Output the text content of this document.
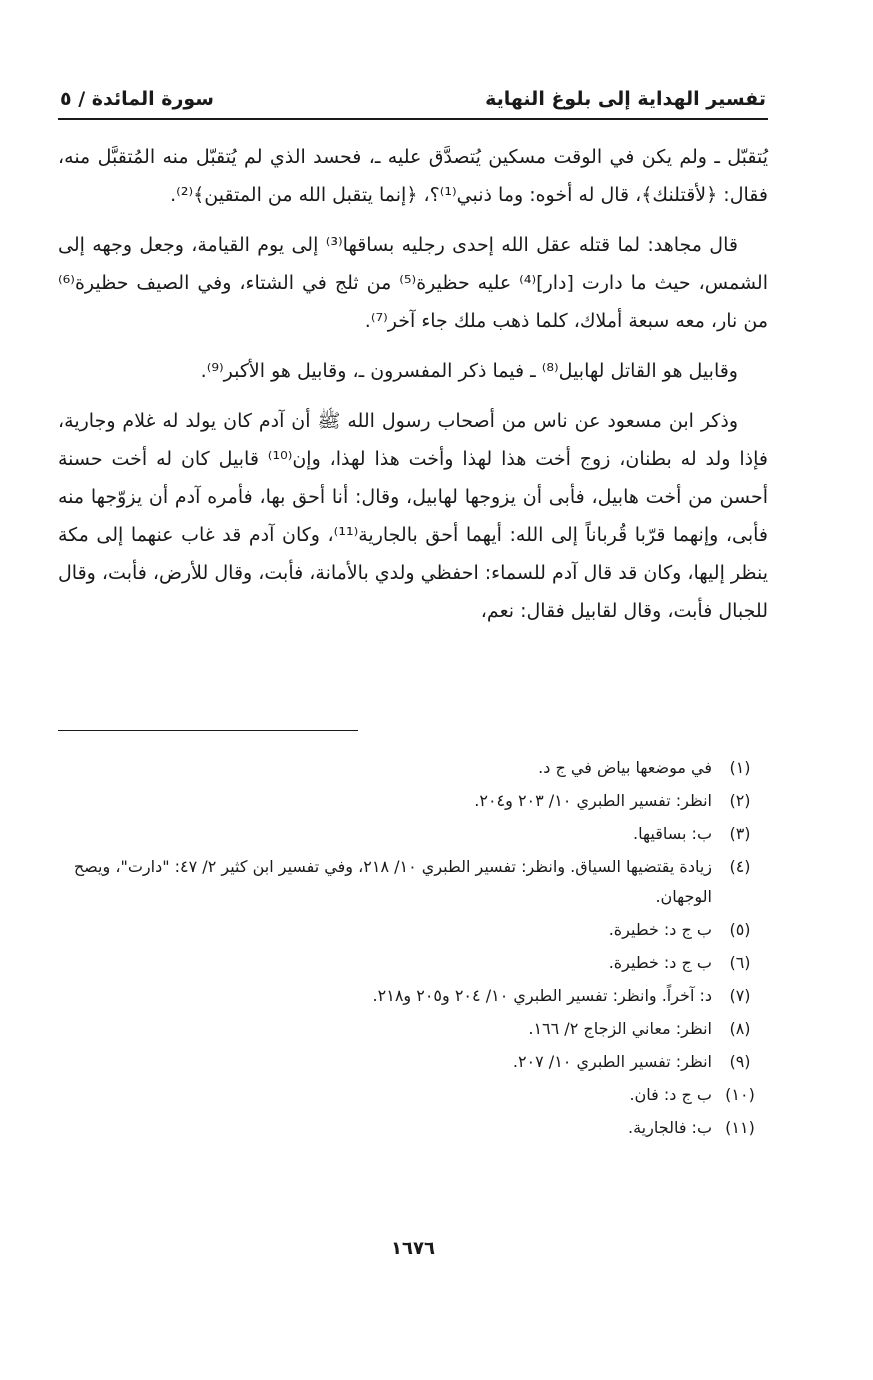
تفسير الهداية إلى بلوغ النهاية
سورة المائدة / ٥

يُتقبّل ـ ولم يكن في الوقت مسكين يُتصدَّق عليه ـ، فحسد الذي لم يُتقبّل منه المُتقبَّل منه، فقال: ﴿لأقتلنك﴾، قال له أخوه: وما ذنبي⁽¹⁾؟، ﴿إنما يتقبل الله من المتقين﴾⁽²⁾.

قال مجاهد: لما قتله عقل الله إحدى رجليه بساقها⁽³⁾ إلى يوم القيامة، وجعل وجهه إلى الشمس، حيث ما دارت [دار]⁽⁴⁾ عليه حظيرة⁽⁵⁾ من ثلج في الشتاء، وفي الصيف حظيرة⁽⁶⁾ من نار، معه سبعة أملاك، كلما ذهب ملك جاء آخر⁽⁷⁾.

وقابيل هو القاتل لهابيل⁽⁸⁾ ـ فيما ذكر المفسرون ـ، وقابيل هو الأكبر⁽⁹⁾.

وذكر ابن مسعود عن ناس من أصحاب رسول الله ﷺ أن آدم كان يولد له غلام وجارية، فإذا ولد له بطنان، زوج أخت هذا لهذا وأخت هذا لهذا، وإن⁽¹⁰⁾ قابيل كان له أخت حسنة أحسن من أخت هابيل، فأبى أن يزوجها لهابيل، وقال: أنا أحق بها، فأمره آدم أن يزوّجها منه فأبى، وإنهما قرّبا قُرباناً إلى الله: أيهما أحق بالجارية⁽¹¹⁾، وكان آدم قد غاب عنهما إلى مكة ينظر إليها، وكان قد قال آدم للسماء: احفظي ولدي بالأمانة، فأبت، وقال للأرض، فأبت، وقال للجبال فأبت، وقال لقابيل فقال: نعم،

(١)
في موضعها بياض في ج د.
(٢)
انظر: تفسير الطبري ١٠/ ٢٠٣ و٢٠٤.
(٣)
ب: بساقيها.
(٤)
زيادة يقتضيها السياق. وانظر: تفسير الطبري ١٠/ ٢١٨، وفي تفسير ابن كثير ٢/ ٤٧: "دارت"، ويصح الوجهان.
(٥)
ب ج د: خطيرة.
(٦)
ب ج د: خطيرة.
(٧)
د: آخراً. وانظر: تفسير الطبري ١٠/ ٢٠٤ و٢٠٥ و٢١٨.
(٨)
انظر: معاني الزجاج ٢/ ١٦٦.
(٩)
انظر: تفسير الطبري ١٠/ ٢٠٧.
(١٠)
ب ج د: فان.
(١١)
ب: فالجارية.
١٦٧٦
